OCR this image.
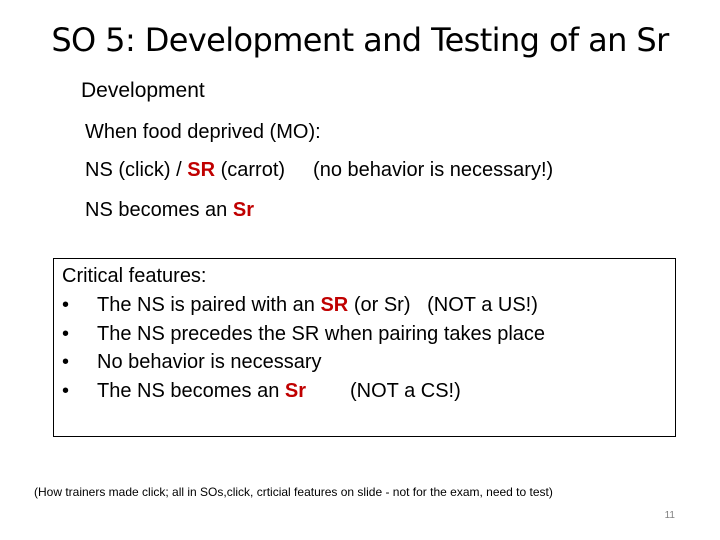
SO 5: Development and Testing of an Sr
Development
When food deprived (MO):
NS (click) / SR (carrot) (no behavior is necessary!)
NS becomes an Sr
Critical features:
• The NS is paired with an SR (or Sr)   (NOT a US!)
• The NS precedes the SR when pairing takes place
• No behavior is necessary
• The NS becomes an Sr (NOT a CS!)
(How trainers made click; all in SOs,click, crticial features on slide - not for the exam, need to test)
11
